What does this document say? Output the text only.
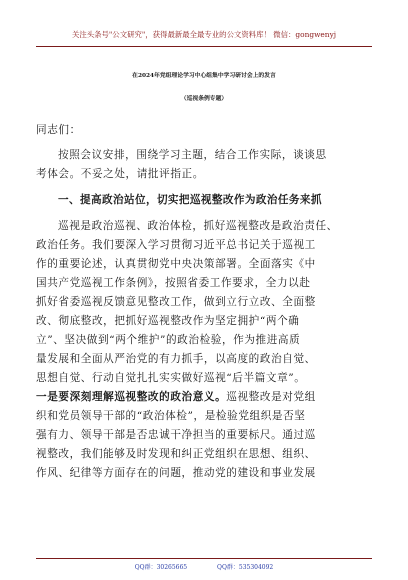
关注头条号"公文研究"，获得最新最全最专业的公文资料库！ 微信：gongwenyj
在2024年党组理论学习中心组集中学习研讨会上的发言
（巡视条例专题）
同志们：
按照会议安排，围绕学习主题，结合工作实际，谈谈思
考体会。不妥之处，请批评指正。
一、提高政治站位，切实把巡视整改作为政治任务来抓
巡视是政治巡视、政治体检，抓好巡视整改是政治责任、
政治任务。我们要深入学习贯彻习近平总书记关于巡视工
作的重要论述，认真贯彻党中央决策部署。全面落实《中
国共产党巡视工作条例》，按照省委工作要求，全力以赴
抓好省委巡视反馈意见整改工作，做到立行立改、全面整
改、彻底整改，把抓好巡视整改作为坚定拥护“两个确
立”、坚决做到“两个维护”的政治检验，作为推进高质
量发展和全面从严治党的有力抓手，以高度的政治自觉、
思想自觉、行动自觉扎扎实实做好巡视“后半篇文章”。
一是要深刻理解巡视整改的政治意义。巡视整改是对党组
织和党员领导干部的“政治体检”，是检验党组织是否坚
强有力、领导干部是否忠诚干净担当的重要标尺。通过巡
视整改，我们能够及时发现和纠正党组织在思想、组织、
作风、纪律等方面存在的问题，推动党的建设和事业发展
QQ群：30265665	QQ群：535304092
